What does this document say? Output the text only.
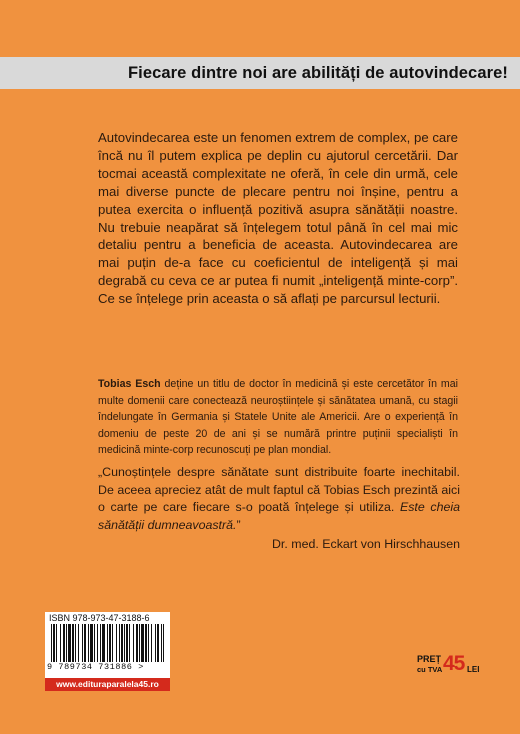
Fiecare dintre noi are abilități de autovindecare!

Autovindecarea este un fenomen extrem de complex, pe care încă nu îl putem explica pe deplin cu ajutorul cercetării. Dar tocmai această complexitate ne oferă, în cele din urmă, cele mai diverse puncte de plecare pentru noi înșine, pentru a putea exercita o influență pozitivă asupra sănătății noastre. Nu trebuie neapărat să înțelegem totul până în cel mai mic detaliu pentru a beneficia de aceasta. Autovindecarea are mai puțin de-a face cu coeficientul de inteligență și mai degrabă cu ceva ce ar putea fi numit „inteligență minte-corp”. Ce se înțelege prin aceasta o să aflați pe parcursul lecturii.

Tobias Esch deține un titlu de doctor în medicină și este cercetător în mai multe domenii care conectează neuroștiințele și sănătatea umană, cu stagii îndelungate în Germania și Statele Unite ale Americii. Are o experiență în domeniu de peste 20 de ani și se numără printre puținii specialiști în medicină minte-corp recunoscuți pe plan mondial.

„Cunoștințele despre sănătate sunt distribuite foarte inechitabil. De aceea apreciez atât de mult faptul că Tobias Esch prezintă aici o carte pe care fiecare s-o poată înțelege și utiliza. Este cheia sănătății dumneavoastră.”

Dr. med. Eckart von Hirschhausen

ISBN 978-973-47-3188-6
9 789734 731886 >
www.edituraparalela45.ro
PREȚ
cu TVA 45 LEI
